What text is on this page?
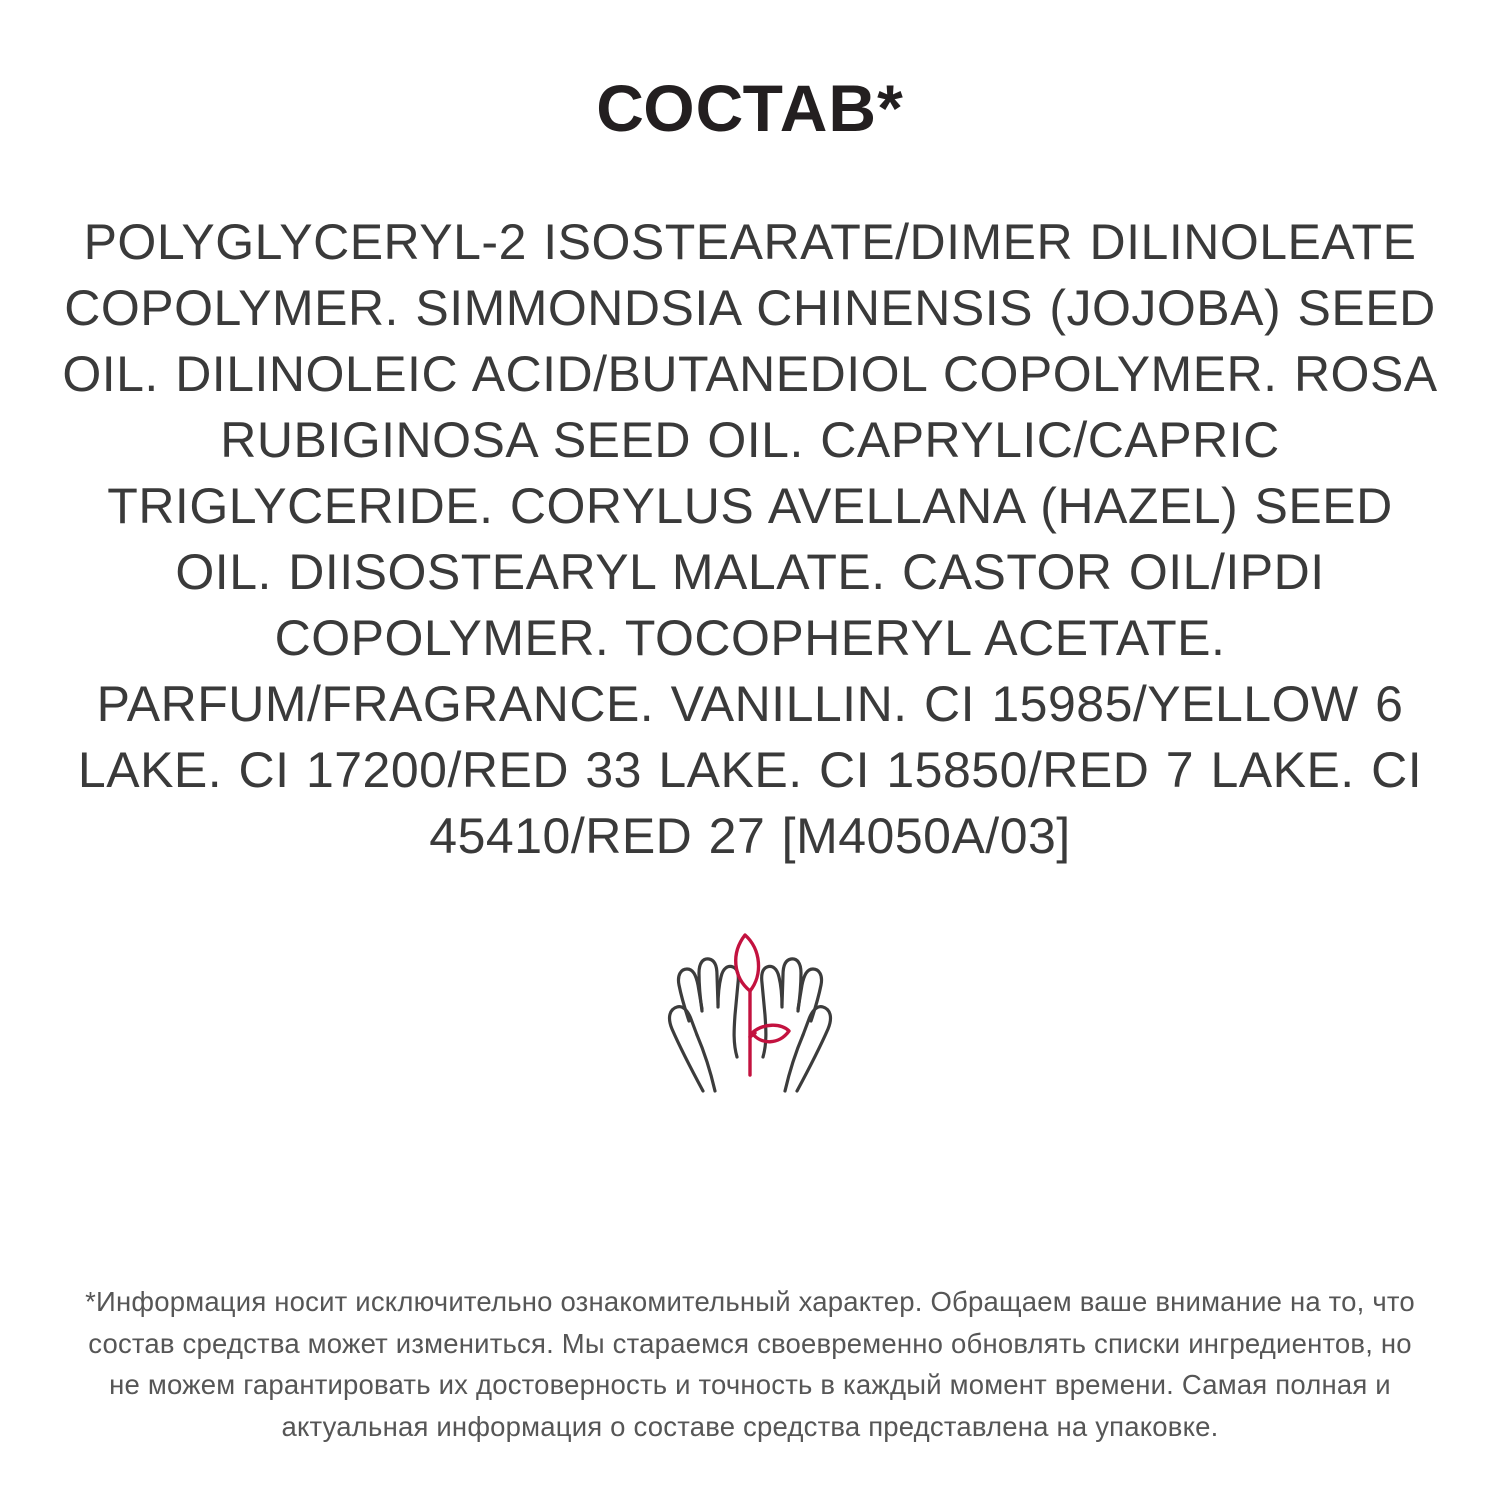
СОСТАВ*
POLYGLYCERYL-2 ISOSTEARATE/DIMER DILINOLEATE COPOLYMER. SIMMONDSIA CHINENSIS (JOJOBA) SEED OIL. DILINOLEIC ACID/BUTANEDIOL COPOLYMER. ROSA RUBIGINOSA SEED OIL. CAPRYLIC/CAPRIC TRIGLYCERIDE. CORYLUS AVELLANA (HAZEL) SEED OIL. DIISOSTEARYL MALATE. CASTOR OIL/IPDI COPOLYMER. TOCOPHERYL ACETATE. PARFUM/FRAGRANCE. VANILLIN. CI 15985/YELLOW 6 LAKE. CI 17200/RED 33 LAKE. CI 15850/RED 7 LAKE. CI 45410/RED 27 [M4050A/03]
*Информация носит исключительно ознакомительный характер. Обращаем ваше внимание на то, что состав средства может измениться. Мы стараемся своевременно обновлять списки ингредиентов, но не можем гарантировать их достоверность и точность в каждый момент времени. Самая полная и актуальная информация о составе средства представлена на упаковке.
